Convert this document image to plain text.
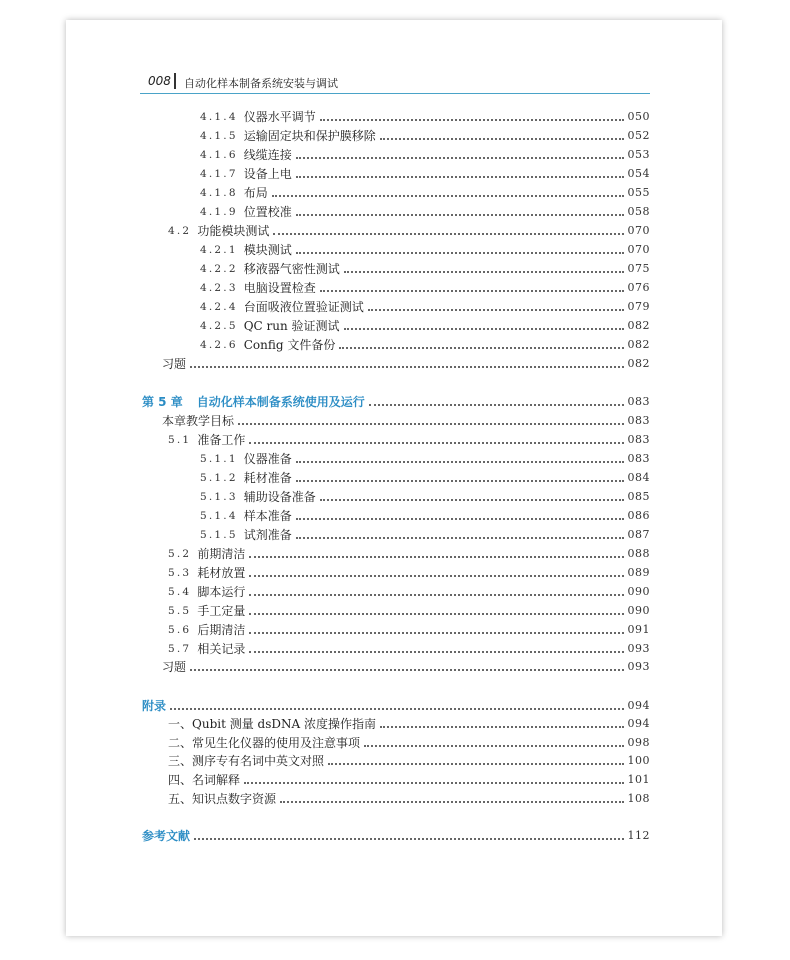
008 自动化样本制备系统安装与调试
4.1.4 仪器水平调节	050
4.1.5 运输固定块和保护膜移除	052
4.1.6 线缆连接	053
4.1.7 设备上电	054
4.1.8 布局	055
4.1.9 位置校准	058
4.2 功能模块测试	070
4.2.1 模块测试	070
4.2.2 移液器气密性测试	075
4.2.3 电脑设置检查	076
4.2.4 台面吸液位置验证测试	079
4.2.5 QC run 验证测试	082
4.2.6 Config 文件备份	082
习题	082
第 5 章	自动化样本制备系统使用及运行	083
本章教学目标	083
5.1 准备工作	083
5.1.1 仪器准备	083
5.1.2 耗材准备	084
5.1.3 辅助设备准备	085
5.1.4 样本准备	086
5.1.5 试剂准备	087
5.2 前期清洁	088
5.3 耗材放置	089
5.4 脚本运行	090
5.5 手工定量	090
5.6 后期清洁	091
5.7 相关记录	093
习题	093
附录	094
一、Qubit 测量 dsDNA 浓度操作指南	094
二、常见生化仪器的使用及注意事项	098
三、测序专有名词中英文对照	100
四、名词解释	101
五、知识点数字资源	108
参考文献	112
